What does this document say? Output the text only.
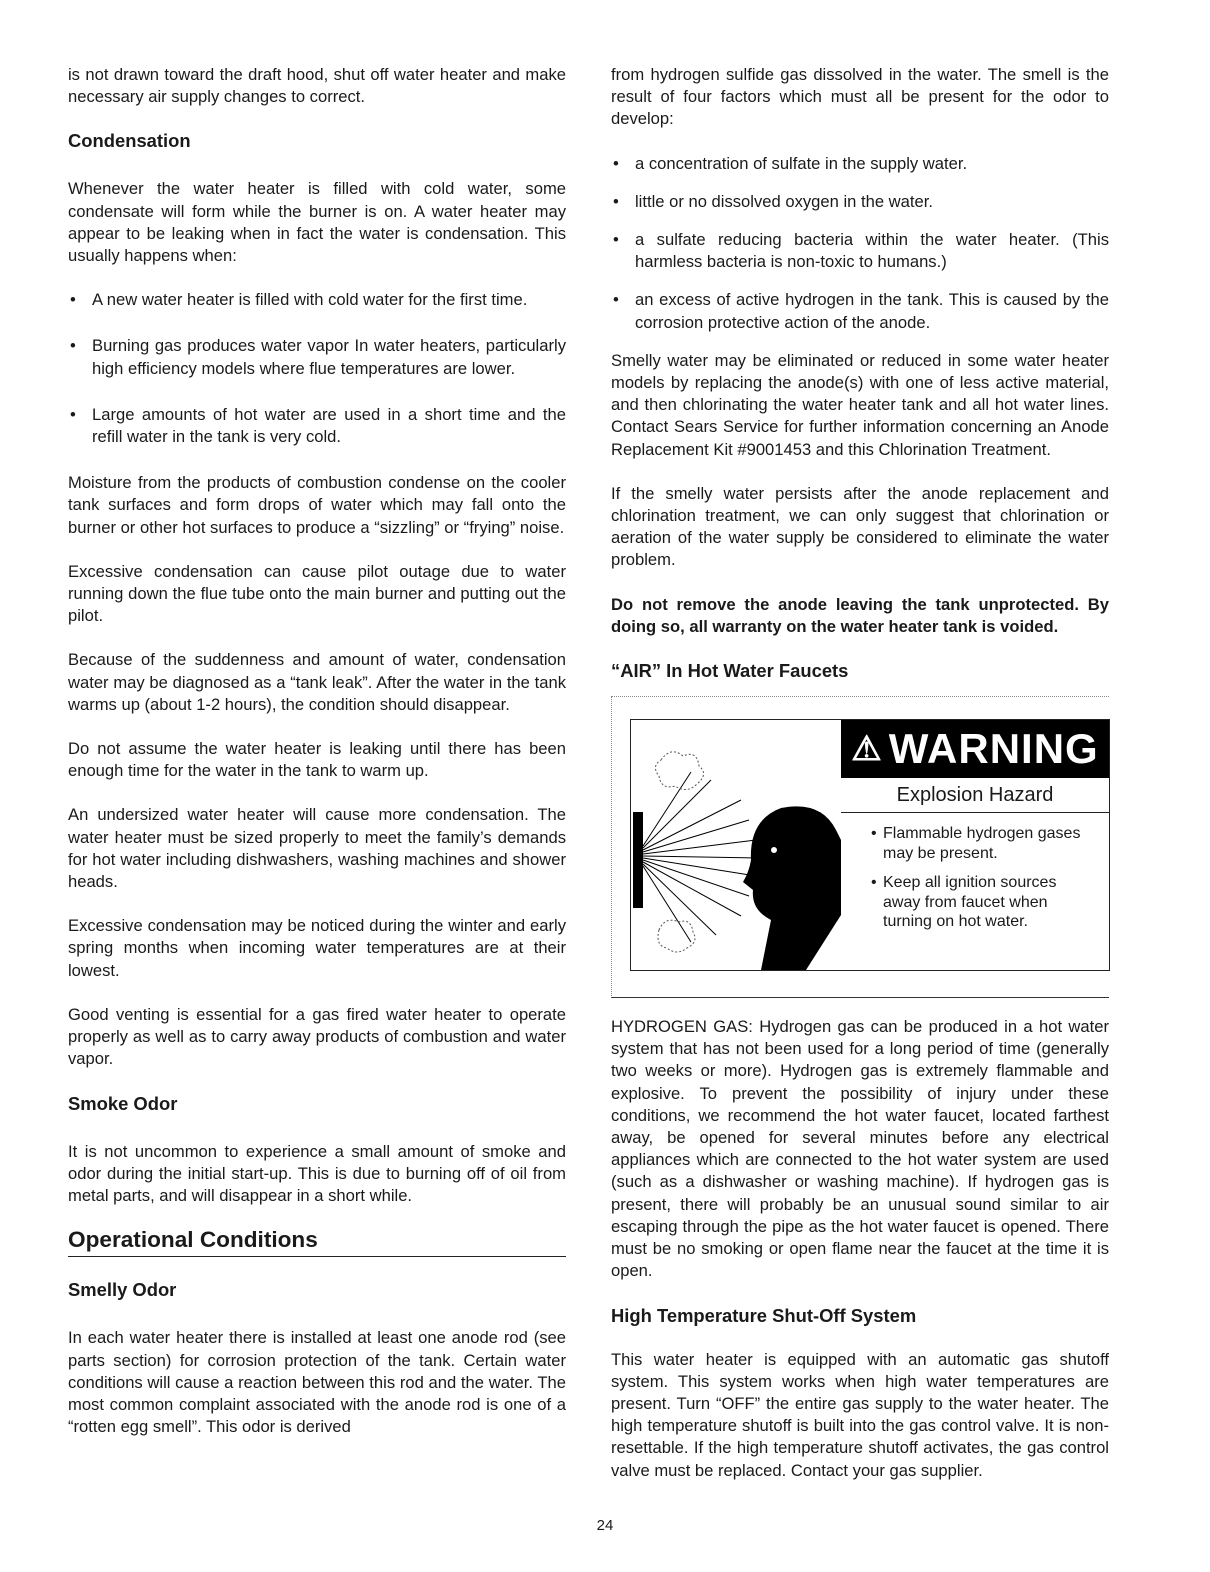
is not drawn toward the draft hood, shut off water heater and make necessary air supply changes to correct.

Condensation

Whenever the water heater is filled with cold water, some condensate will form while the burner is on. A water heater may appear to be leaking when in fact the water is condensation. This usually happens when:

• A new water heater is filled with cold water for the first time.
• Burning gas produces water vapor In water heaters, particularly high efficiency models where flue temperatures are lower.
• Large amounts of hot water are used in a short time and the refill water in the tank is very cold.

Moisture from the products of combustion condense on the cooler tank surfaces and form drops of water which may fall onto the burner or other hot surfaces to produce a “sizzling” or “frying” noise.

Excessive condensation can cause pilot outage due to water running down the flue tube onto the main burner and putting out the pilot.

Because of the suddenness and amount of water, condensation water may be diagnosed as a “tank leak”. After the water in the tank warms up (about 1-2 hours), the condition should disappear.

Do not assume the water heater is leaking until there has been enough time for the water in the tank to warm up.

An undersized water heater will cause more condensation. The water heater must be sized properly to meet the family’s demands for hot water including dishwashers, washing machines and shower heads.

Excessive condensation may be noticed during the winter and early spring months when incoming water temperatures are at their lowest.

Good venting is essential for a gas fired water heater to operate properly as well as to carry away products of combustion and water vapor.

Smoke Odor

It is not uncommon to experience a small amount of smoke and odor during the initial start-up. This is due to burning off of oil from metal parts, and will disappear in a short while.

Operational Conditions
Smelly Odor

In each water heater there is installed at least one anode rod (see parts section) for corrosion protection of the tank. Certain water conditions will cause a reaction between this rod and the water. The most common complaint associated with the anode rod is one of a “rotten egg smell”. This odor is derived

from hydrogen sulfide gas dissolved in the water. The smell is the result of four factors which must all be present for the odor to develop:

• a concentration of sulfate in the supply water.
• little or no dissolved oxygen in the water.
• a sulfate reducing bacteria within the water heater. (This harmless bacteria is non-toxic to humans.)
• an excess of active hydrogen in the tank. This is caused by the corrosion protective action of the anode.

Smelly water may be eliminated or reduced in some water heater models by replacing the anode(s) with one of less active material, and then chlorinating the water heater tank and all hot water lines. Contact Sears Service for further information concerning an Anode Replacement Kit #9001453 and this Chlorination Treatment.

If the smelly water persists after the anode replacement and chlorination treatment, we can only suggest that chlorination or aeration of the water supply be considered to eliminate the water problem.

Do not remove the anode leaving the tank unprotected. By doing so, all warranty on the water heater tank is voided.

“AIR” In Hot Water Faucets
⚠ WARNING
Explosion Hazard
• Flammable hydrogen gases may be present.
• Keep all ignition sources away from faucet when turning on hot water.

HYDROGEN GAS: Hydrogen gas can be produced in a hot water system that has not been used for a long period of time (generally two weeks or more). Hydrogen gas is extremely flammable and explosive. To prevent the possibility of injury under these conditions, we recommend the hot water faucet, located farthest away, be opened for several minutes before any electrical appliances which are connected to the hot water system are used (such as a dishwasher or washing machine). If hydrogen gas is present, there will probably be an unusual sound similar to air escaping through the pipe as the hot water faucet is opened. There must be no smoking or open flame near the faucet at the time it is open.

High Temperature Shut-Off System

This water heater is equipped with an automatic gas shutoff system. This system works when high water temperatures are present. Turn “OFF” the entire gas supply to the water heater. The high temperature shutoff is built into the gas control valve. It is non-resettable. If the high temperature shutoff activates, the gas control valve must be replaced. Contact your gas supplier.

24
